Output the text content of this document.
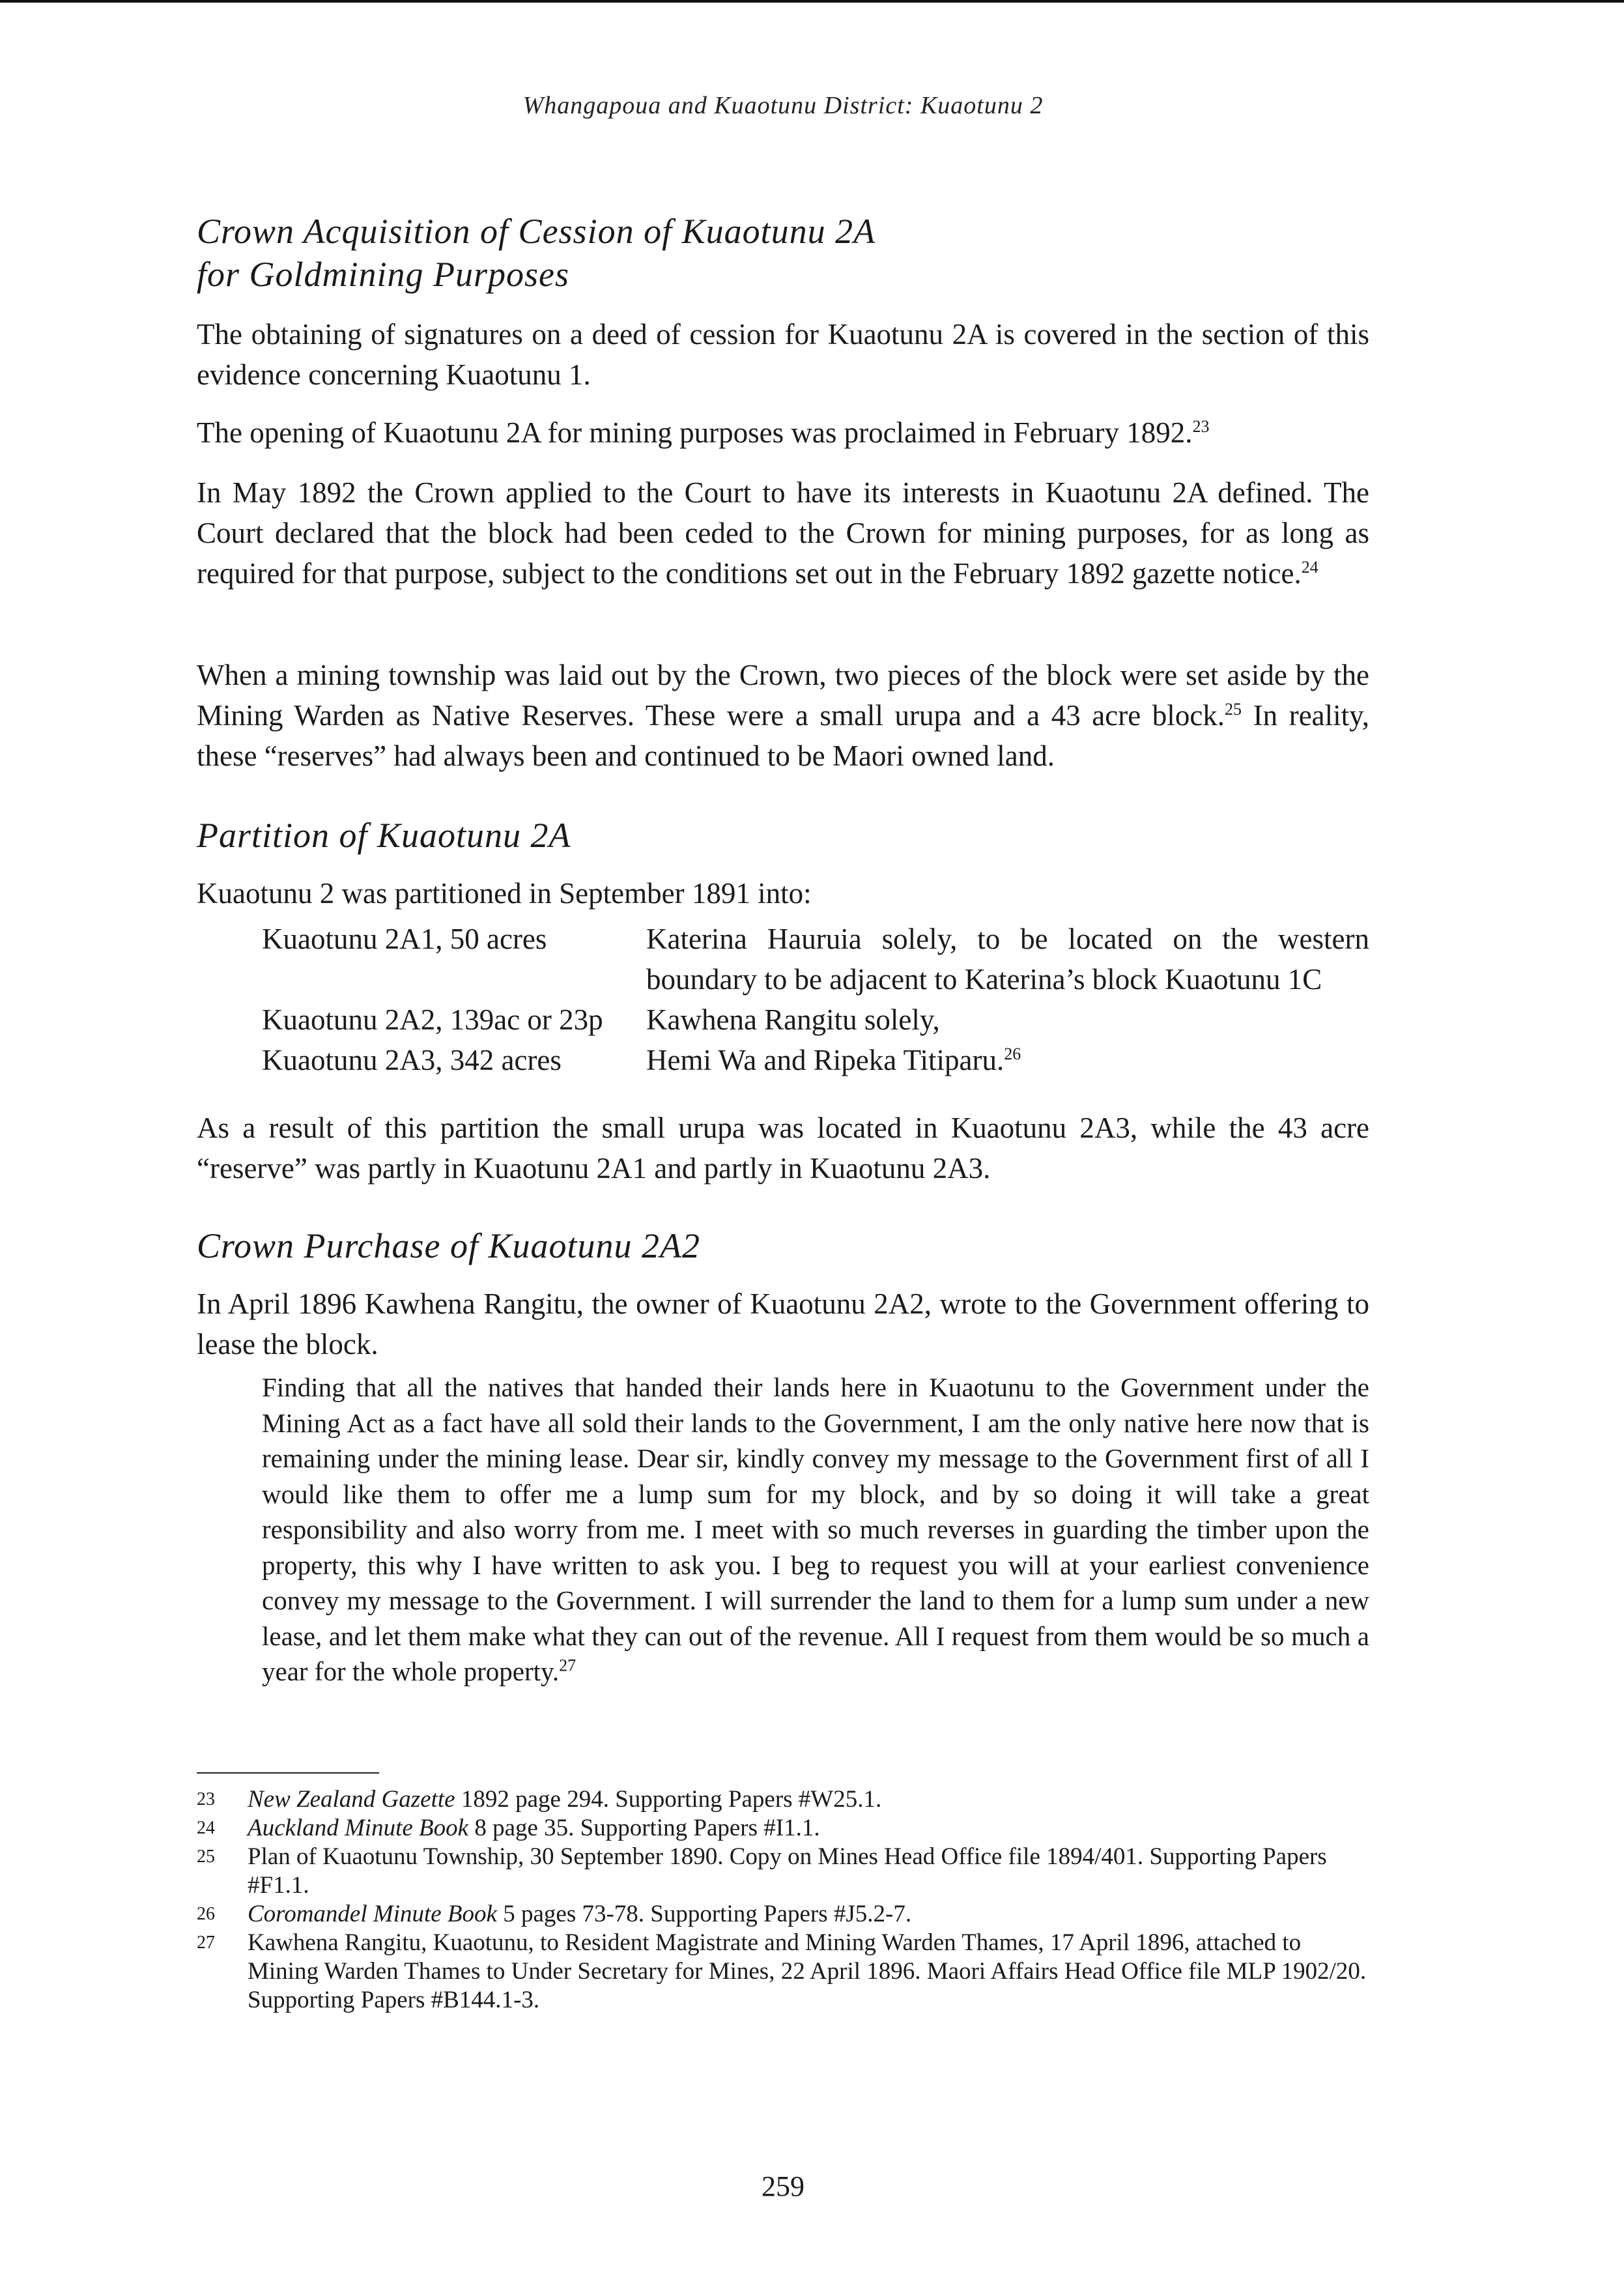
Whangapoua and Kuaotunu District: Kuaotunu 2
Crown Acquisition of Cession of Kuaotunu 2A
for Goldmining Purposes

The obtaining of signatures on a deed of cession for Kuaotunu 2A is covered in the section of this evidence concerning Kuaotunu 1.

The opening of Kuaotunu 2A for mining purposes was proclaimed in February 1892.23

In May 1892 the Crown applied to the Court to have its interests in Kuaotunu 2A defined. The Court declared that the block had been ceded to the Crown for mining purposes, for as long as required for that purpose, subject to the conditions set out in the February 1892 gazette notice.$^{24}$

When a mining township was laid out by the Crown, two pieces of the block were set aside by the Mining Warden as Native Reserves. These were a small urupa and a 43 acre block.$^{25}$ In reality, these “reserves” had always been and continued to be Maori owned land.

Partition of Kuaotunu 2A

Kuaotunu 2 was partitioned in September 1891 into:

Kuaotunu 2A1, 50 acres	Katerina Hauruia solely, to be located on the western boundary to be adjacent to Katerina’s block Kuaotunu 1C
Kuaotunu 2A2, 139ac or 23p	Kawhena Rangitu solely,
Kuaotunu 2A3, 342 acres	Hemi Wa and Ripeka Titiparu.$^{26}$

As a result of this partition the small urupa was located in Kuaotunu 2A3, while the 43 acre “reserve” was partly in Kuaotunu 2A1 and partly in Kuaotunu 2A3.

Crown Purchase of Kuaotunu 2A2

In April 1896 Kawhena Rangitu, the owner of Kuaotunu 2A2, wrote to the Government offering to lease the block.

Finding that all the natives that handed their lands here in Kuaotunu to the Government under the Mining Act as a fact have all sold their lands to the Government, I am the only native here now that is remaining under the mining lease. Dear sir, kindly convey my message to the Government first of all I would like them to offer me a lump sum for my block, and by so doing it will take a great responsibility and also worry from me. I meet with so much reverses in guarding the timber upon the property, this why I have written to ask you. I beg to request you will at your earliest convenience convey my message to the Government. I will surrender the land to them for a lump sum under a new lease, and let them make what they can out of the revenue. All I request from them would be so much a year for the whole property.$^{27}$

23	New Zealand Gazette 1892 page 294. Supporting Papers #W25.1.
24	Auckland Minute Book 8 page 35. Supporting Papers #I1.1.
25	Plan of Kuaotunu Township, 30 September 1890. Copy on Mines Head Office file 1894/401. Supporting Papers #F1.1.
26	Coromandel Minute Book 5 pages 73-78. Supporting Papers #J5.2-7.
27	Kawhena Rangitu, Kuaotunu, to Resident Magistrate and Mining Warden Thames, 17 April 1896, attached to Mining Warden Thames to Under Secretary for Mines, 22 April 1896. Maori Affairs Head Office file MLP 1902/20. Supporting Papers #B144.1-3.
259
